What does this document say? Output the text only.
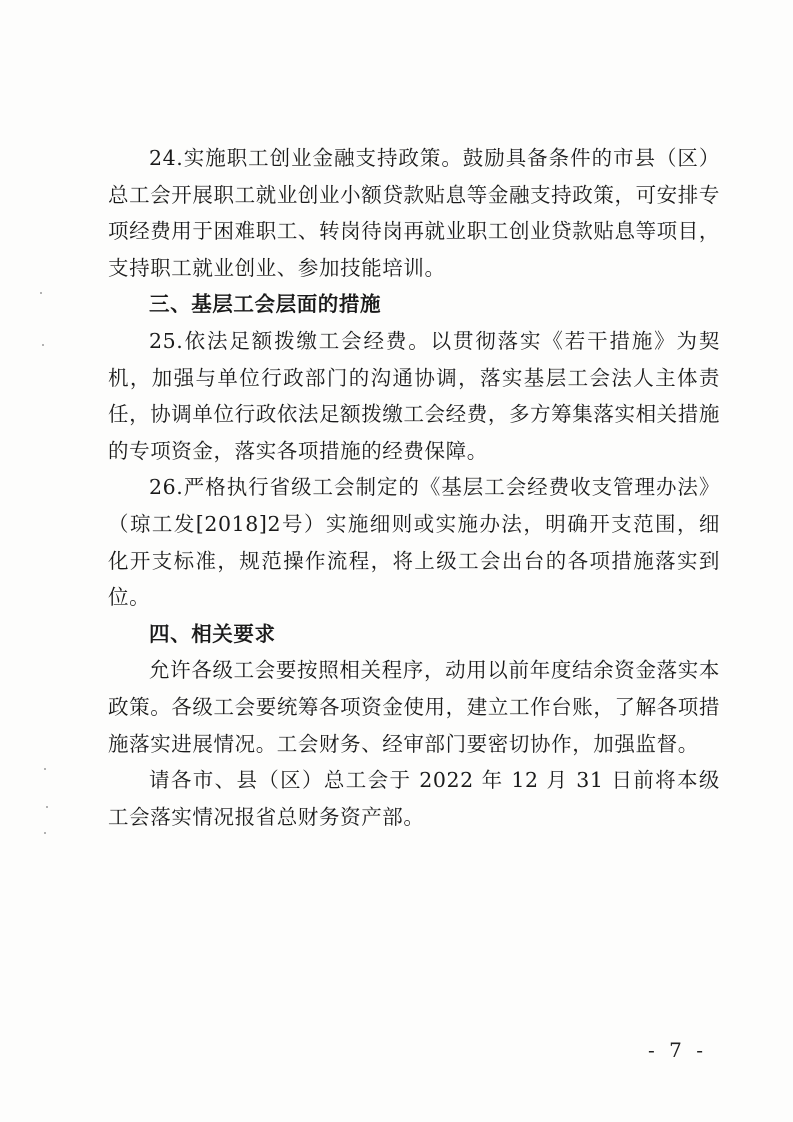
24.实施职工创业金融支持政策。鼓励具备条件的市县（区）总工会开展职工就业创业小额贷款贴息等金融支持政策，可安排专项经费用于困难职工、转岗待岗再就业职工创业贷款贴息等项目，支持职工就业创业、参加技能培训。

三、基层工会层面的措施

25.依法足额拨缴工会经费。以贯彻落实《若干措施》为契机，加强与单位行政部门的沟通协调，落实基层工会法人主体责任，协调单位行政依法足额拨缴工会经费，多方筹集落实相关措施的专项资金，落实各项措施的经费保障。

26.严格执行省级工会制定的《基层工会经费收支管理办法》（琼工发[2018]2号）实施细则或实施办法，明确开支范围，细化开支标准，规范操作流程，将上级工会出台的各项措施落实到位。

四、相关要求

允许各级工会要按照相关程序，动用以前年度结余资金落实本政策。各级工会要统筹各项资金使用，建立工作台账，了解各项措施落实进展情况。工会财务、经审部门要密切协作，加强监督。

请各市、县（区）总工会于 2022 年 12 月 31 日前将本级工会落实情况报省总财务资产部。

- 7 -
